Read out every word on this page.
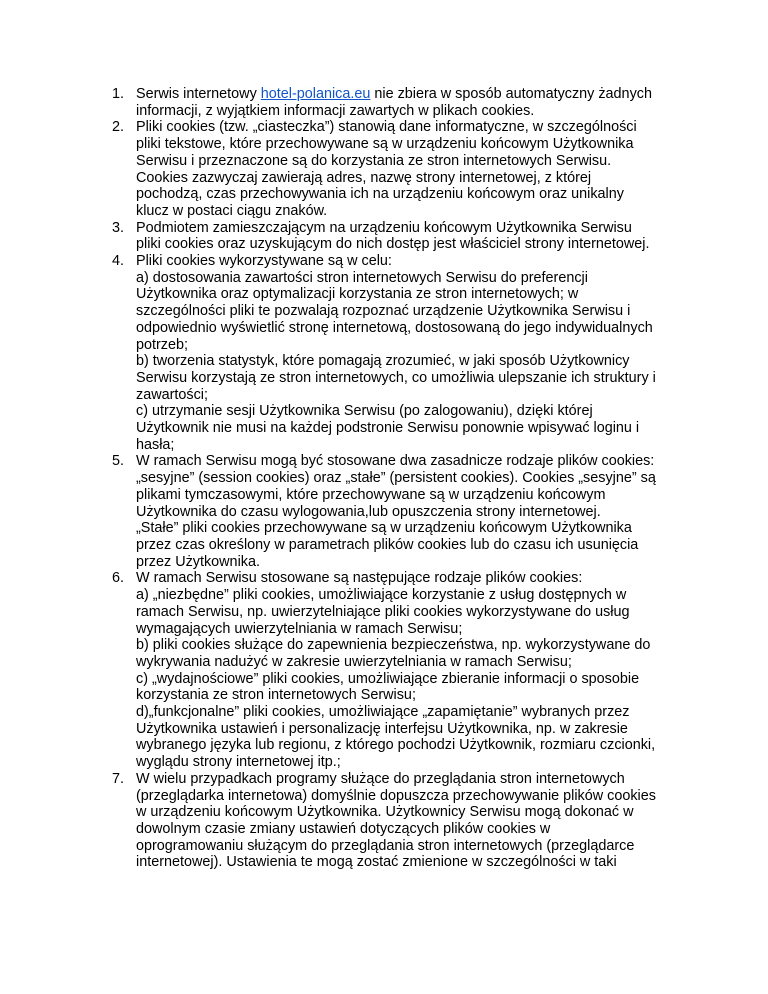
1. Serwis internetowy hotel-polanica.eu nie zbiera w sposób automatyczny żadnych informacji, z wyjątkiem informacji zawartych w plikach cookies.
2. Pliki cookies (tzw. „ciasteczka”) stanowią dane informatyczne, w szczególności pliki tekstowe, które przechowywane są w urządzeniu końcowym Użytkownika Serwisu i przeznaczone są do korzystania ze stron internetowych Serwisu.
Cookies zazwyczaj zawierają adres, nazwę strony internetowej, z której pochodzą, czas przechowywania ich na urządzeniu końcowym oraz unikalny klucz w postaci ciągu znaków.
3. Podmiotem zamieszczającym na urządzeniu końcowym Użytkownika Serwisu pliki cookies oraz uzyskującym do nich dostęp jest właściciel strony internetowej.
4. Pliki cookies wykorzystywane są w celu:
a) dostosowania zawartości stron internetowych Serwisu do preferencji Użytkownika oraz optymalizacji korzystania ze stron internetowych; w szczególności pliki te pozwalają rozpoznać urządzenie Użytkownika Serwisu i odpowiednio wyświetlić stronę internetową, dostosowaną do jego indywidualnych potrzeb;
b) tworzenia statystyk, które pomagają zrozumieć, w jaki sposób Użytkownicy Serwisu korzystają ze stron internetowych, co umożliwia ulepszanie ich struktury i zawartości;
c) utrzymanie sesji Użytkownika Serwisu (po zalogowaniu), dzięki której Użytkownik nie musi na każdej podstronie Serwisu ponownie wpisywać loginu i hasła;
5. W ramach Serwisu mogą być stosowane dwa zasadnicze rodzaje plików cookies: „sesyjne” (session cookies) oraz „stałe” (persistent cookies). Cookies „sesyjne” są plikami tymczasowymi, które przechowywane są w urządzeniu końcowym Użytkownika do czasu wylogowania,lub opuszczenia strony internetowej.
„Stałe” pliki cookies przechowywane są w urządzeniu końcowym Użytkownika przez czas określony w parametrach plików cookies lub do czasu ich usunięcia przez Użytkownika.
6. W ramach Serwisu stosowane są następujące rodzaje plików cookies:
a) „niezbędne” pliki cookies, umożliwiające korzystanie z usług dostępnych w ramach Serwisu, np. uwierzytelniające pliki cookies wykorzystywane do usług wymagających uwierzytelniania w ramach Serwisu;
b) pliki cookies służące do zapewnienia bezpieczeństwa, np. wykorzystywane do wykrywania nadużyć w zakresie uwierzytelniania w ramach Serwisu;
c) „wydajnościowe” pliki cookies, umożliwiające zbieranie informacji o sposobie korzystania ze stron internetowych Serwisu;
d)„funkcjonalne” pliki cookies, umożliwiające „zapamiętanie” wybranych przez Użytkownika ustawień i personalizację interfejsu Użytkownika, np. w zakresie wybranego języka lub regionu, z którego pochodzi Użytkownik, rozmiaru czcionki, wyglądu strony internetowej itp.;
7. W wielu przypadkach programy służące do przeglądania stron internetowych (przeglądarka internetowa) domyślnie dopuszcza przechowywanie plików cookies w urządzeniu końcowym Użytkownika. Użytkownicy Serwisu mogą dokonać w dowolnym czasie zmiany ustawień dotyczących plików cookies w oprogramowaniu służącym do przeglądania stron internetowych (przeglądarce internetowej). Ustawienia te mogą zostać zmienione w szczególności w taki
